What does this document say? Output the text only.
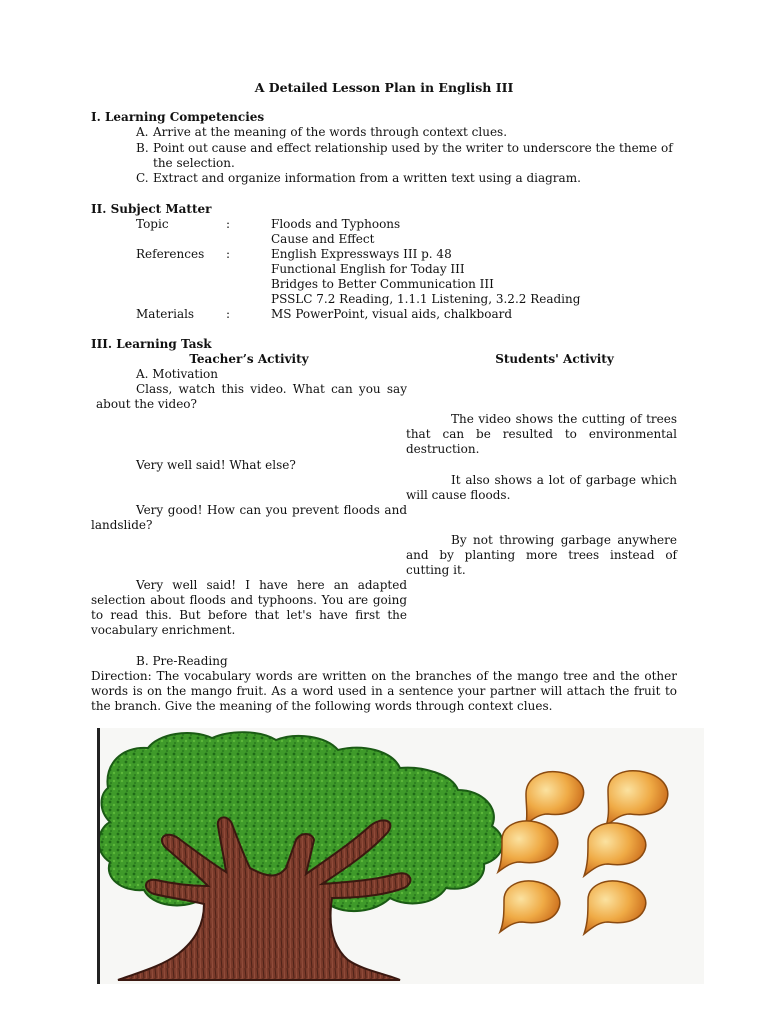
A Detailed Lesson Plan in English III
I. Learning Competencies
A. Arrive at the meaning of the words through context clues.
B. Point out cause and effect relationship used by the writer to underscore the theme of
the selection.
C. Extract and organize information from a written text using a diagram.
II. Subject Matter
Topic	:	Floods and Typhoons
Cause and Effect
References :	English Expressways III p. 48
Functional English for Today III
Bridges to Better Communication III
PSSLC 7.2 Reading, 1.1.1 Listening, 3.2.2 Reading
Materials	:	MS PowerPoint, visual aids, chalkboard
III. Learning Task
Teacher’s Activity	Students' Activity
A. Motivation
Class, watch this video. What can you say about the video?
The video shows the cutting of trees that can be resulted to environmental destruction.
Very well said! What else?
It also shows a lot of garbage which will cause floods.
Very good! How can you prevent floods and landslide?
By not throwing garbage anywhere and by planting more trees instead of cutting it.
Very well said! I have here an adapted selection about floods and typhoons. You are going to read this. But before that let's have first the vocabulary enrichment.
B. Pre-Reading
Direction: The vocabulary words are written on the branches of the mango tree and the other words is on the mango fruit. As a word used in a sentence your partner will attach the fruit to the branch. Give the meaning of the following words through context clues.
